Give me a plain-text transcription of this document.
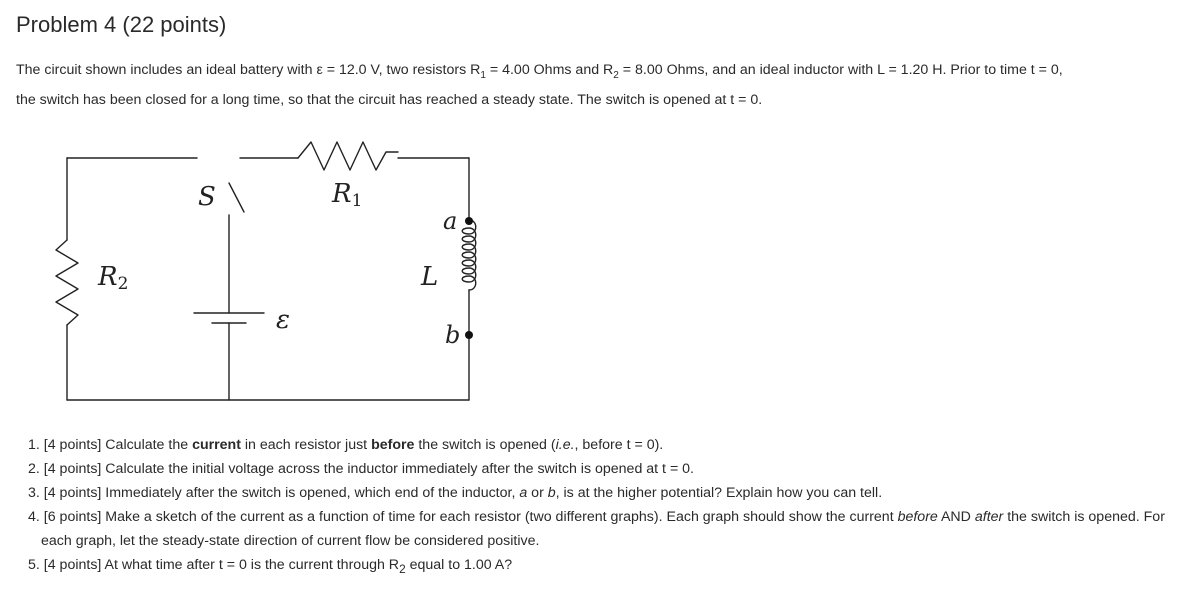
Problem 4 (22 points)
The circuit shown includes an ideal battery with ε = 12.0 V, two resistors $R_1 = 4.00$ Ohms and $R_2 = 8.00$ Ohms, and an ideal inductor with L = 1.20 H. Prior to time t = 0,
the switch has been closed for a long time, so that the circuit has reached a steady state. The switch is opened at t = 0.
S	R1
R2
ε
L
a
b
1. [4 points] Calculate the current in each resistor just before the switch is opened (i.e., before t = 0).
2. [4 points] Calculate the initial voltage across the inductor immediately after the switch is opened at t = 0.
3. [4 points] Immediately after the switch is opened, which end of the inductor, a or b, is at the higher potential? Explain how you can tell.
4. [6 points] Make a sketch of the current as a function of time for each resistor (two different graphs). Each graph should show the current before AND after the switch is opened. For each graph, let the steady-state direction of current flow be considered positive.
5. [4 points] At what time after t = 0 is the current through $R_2$ equal to 1.00 A?
